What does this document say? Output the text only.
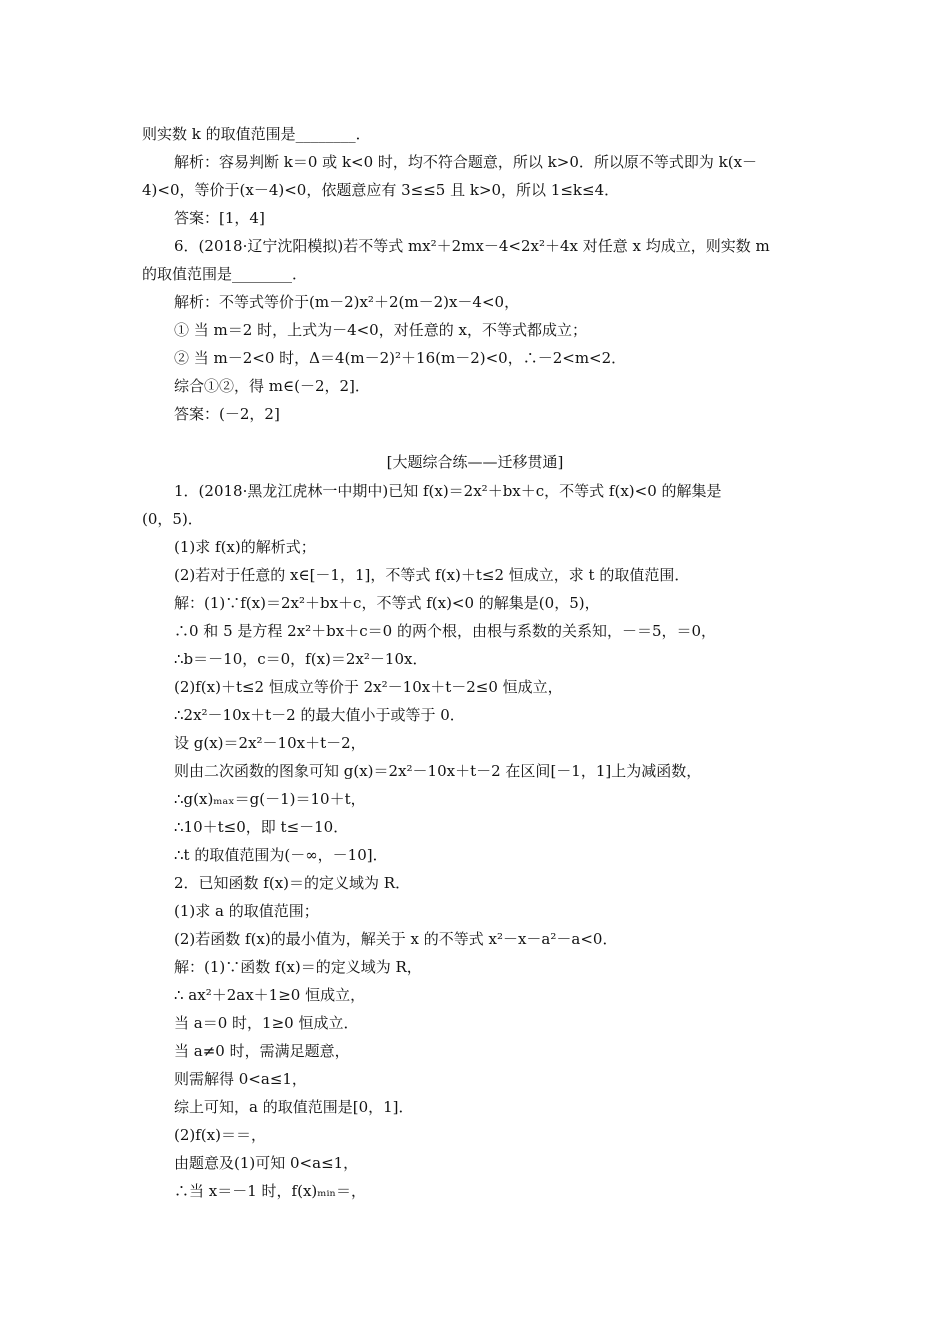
则实数 k 的取值范围是________．
解析：容易判断 k＝0 或 k<0 时，均不符合题意，所以 k>0．所以原不等式即为 k(x－
4)<0，等价于(x－4)<0，依题意应有 3≤≤5 且 k>0，所以 1≤k≤4．
答案：[1，4]
6．(2018·辽宁沈阳模拟)若不等式 mx²＋2mx－4<2x²＋4x 对任意 x 均成立，则实数 m
的取值范围是________．
解析：不等式等价于(m－2)x²＋2(m－2)x－4<0，
① 当 m＝2 时，上式为－4<0，对任意的 x，不等式都成立；
② 当 m－2<0 时，Δ＝4(m－2)²＋16(m－2)<0，∴－2<m<2．
综合①②，得 m∈(－2，2]．
答案：(－2，2]
[大题综合练——迁移贯通]
1．(2018·黑龙江虎林一中期中)已知 f(x)＝2x²＋bx＋c，不等式 f(x)<0 的解集是
(0，5)．
(1)求 f(x)的解析式；
(2)若对于任意的 x∈[－1，1]，不等式 f(x)＋t≤2 恒成立，求 t 的取值范围．
解：(1)∵f(x)＝2x²＋bx＋c，不等式 f(x)<0 的解集是(0，5)，
∴0 和 5 是方程 2x²＋bx＋c＝0 的两个根，由根与系数的关系知，－＝5，＝0，
∴b＝－10，c＝0，f(x)＝2x²－10x．
(2)f(x)＋t≤2 恒成立等价于 2x²－10x＋t－2≤0 恒成立，
∴2x²－10x＋t－2 的最大值小于或等于 0．
设 g(x)＝2x²－10x＋t－2，
则由二次函数的图象可知 g(x)＝2x²－10x＋t－2 在区间[－1，1]上为减函数，
∴g(x)ₘₐₓ＝g(－1)＝10＋t，
∴10＋t≤0，即 t≤－10．
∴t 的取值范围为(－∞，－10]．
2．已知函数 f(x)＝的定义域为 R．
(1)求 a 的取值范围；
(2)若函数 f(x)的最小值为，解关于 x 的不等式 x²－x－a²－a<0．
解：(1)∵函数 f(x)＝的定义域为 R，
∴ ax²＋2ax＋1≥0 恒成立，
当 a＝0 时，1≥0 恒成立．
当 a≠0 时，需满足题意，
则需解得 0<a≤1，
综上可知，a 的取值范围是[0，1]．
(2)f(x)＝＝，
由题意及(1)可知 0<a≤1，
∴当 x＝－1 时，f(x)ₘᵢₙ＝，
